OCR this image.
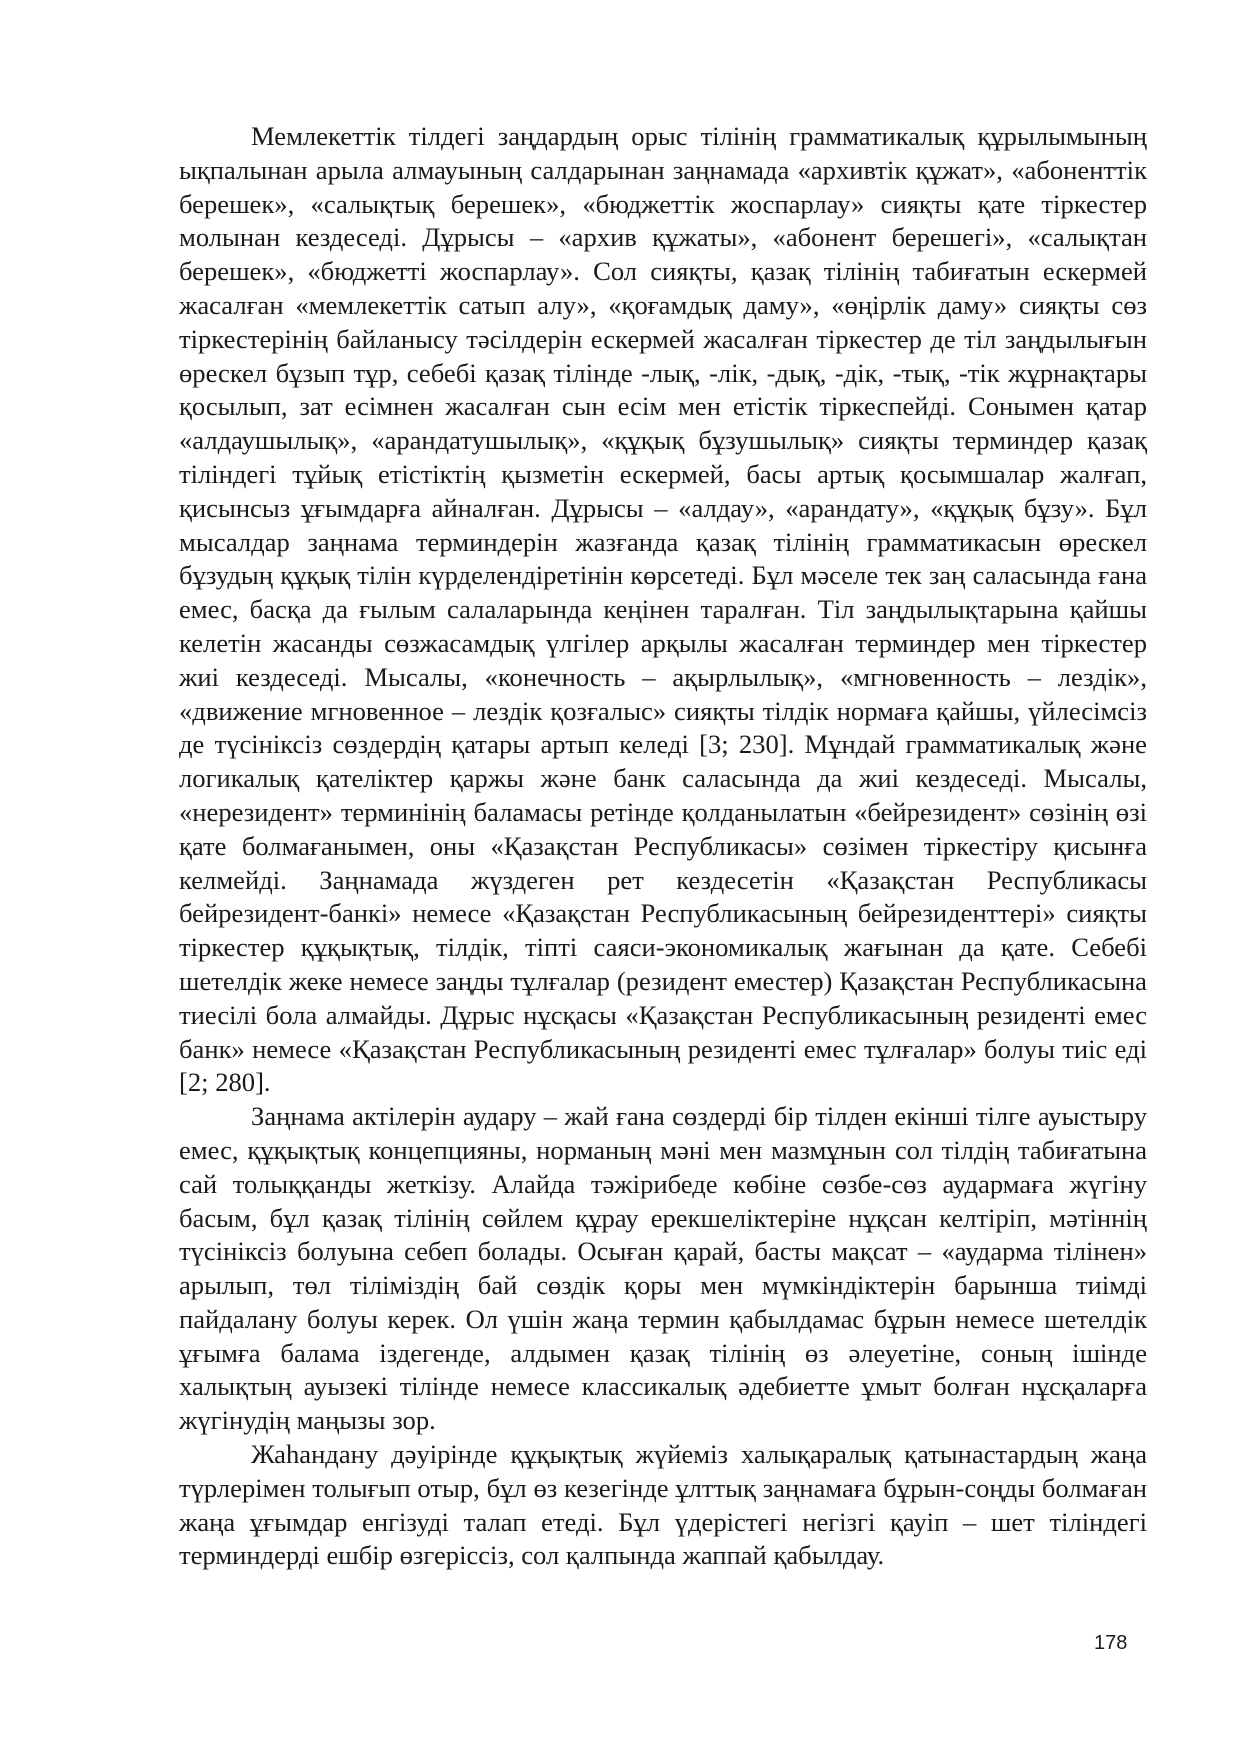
Мемлекеттік тілдегі заңдардың орыс тілінің грамматикалық құрылымының ықпалынан арыла алмауының салдарынан заңнамада «архивтік құжат», «абоненттік берешек», «салықтық берешек», «бюджеттік жоспарлау» сияқты қате тіркестер молынан кездеседі. Дұрысы – «архив құжаты», «абонент берешегі», «салықтан берешек», «бюджетті жоспарлау». Сол сияқты, қазақ тілінің табиғатын ескермей жасалған «мемлекеттік сатып алу», «қоғамдық даму», «өңірлік даму» сияқты сөз тіркестерінің байланысу тәсілдерін ескермей жасалған тіркестер де тіл заңдылығын өрескел бұзып тұр, себебі қазақ тілінде -лық, -лік, -дық, -дік, -тық, -тік жұрнақтары қосылып, зат есімнен жасалған сын есім мен етістік тіркеспейді. Сонымен қатар «алдаушылық», «арандатушылық», «құқық бұзушылық» сияқты терминдер қазақ тіліндегі тұйық етістіктің қызметін ескермей, басы артық қосымшалар жалғап, қисынсыз ұғымдарға айналған. Дұрысы – «алдау», «арандату», «құқық бұзу». Бұл мысалдар заңнама терминдерін жазғанда қазақ тілінің грамматикасын өрескел бұзудың құқық тілін күрделендіретінін көрсетеді. Бұл мәселе тек заң саласында ғана емес, басқа да ғылым салаларында кеңінен таралған. Тіл заңдылықтарына қайшы келетін жасанды сөзжасамдық үлгілер арқылы жасалған терминдер мен тіркестер жиі кездеседі. Мысалы, «конечность – ақырлылық», «мгновенность – лездік», «движение мгновенное – лездік қозғалыс» сияқты тілдік нормаға қайшы, үйлесімсіз де түсініксіз сөздердің қатары артып келеді [3; 230]. Мұндай грамматикалық және логикалық қателіктер қаржы және банк саласында да жиі кездеседі. Мысалы, «нерезидент» терминінің баламасы ретінде қолданылатын «бейрезидент» сөзінің өзі қате болмағанымен, оны «Қазақстан Республикасы» сөзімен тіркестіру қисынға келмейді. Заңнамада жүздеген рет кездесетін «Қазақстан Республикасы бейрезидент-банкі» немесе «Қазақстан Республикасының бейрезиденттері» сияқты тіркестер құқықтық, тілдік, тіпті саяси-экономикалық жағынан да қате. Себебі шетелдік жеке немесе заңды тұлғалар (резидент еместер) Қазақстан Республикасына тиесілі бола алмайды. Дұрыс нұсқасы «Қазақстан Республикасының резиденті емес банк» немесе «Қазақстан Республикасының резиденті емес тұлғалар» болуы тиіс еді [2; 280].

Заңнама актілерін аудару – жай ғана сөздерді бір тілден екінші тілге ауыстыру емес, құқықтық концепцияны, норманың мәні мен мазмұнын сол тілдің табиғатына сай толыққанды жеткізу. Алайда тәжірибеде көбіне сөзбе-сөз аудармаға жүгіну басым, бұл қазақ тілінің сөйлем құрау ерекшеліктеріне нұқсан келтіріп, мәтіннің түсініксіз болуына себеп болады. Осыған қарай, басты мақсат – «аударма тілінен» арылып, төл тіліміздің бай сөздік қоры мен мүмкіндіктерін барынша тиімді пайдалану болуы керек. Ол үшін жаңа термин қабылдамас бұрын немесе шетелдік ұғымға балама іздегенде, алдымен қазақ тілінің өз әлеуетіне, соның ішінде халықтың ауызекі тілінде немесе классикалық әдебиетте ұмыт болған нұсқаларға жүгінудің маңызы зор.

Жаһандану дәуірінде құқықтық жүйеміз халықаралық қатынастардың жаңа түрлерімен толығып отыр, бұл өз кезегінде ұлттық заңнамаға бұрын-соңды болмаған жаңа ұғымдар енгізуді талап етеді. Бұл үдерістегі негізгі қауіп – шет тіліндегі терминдерді ешбір өзгеріссіз, сол қалпында жаппай қабылдау.

178
